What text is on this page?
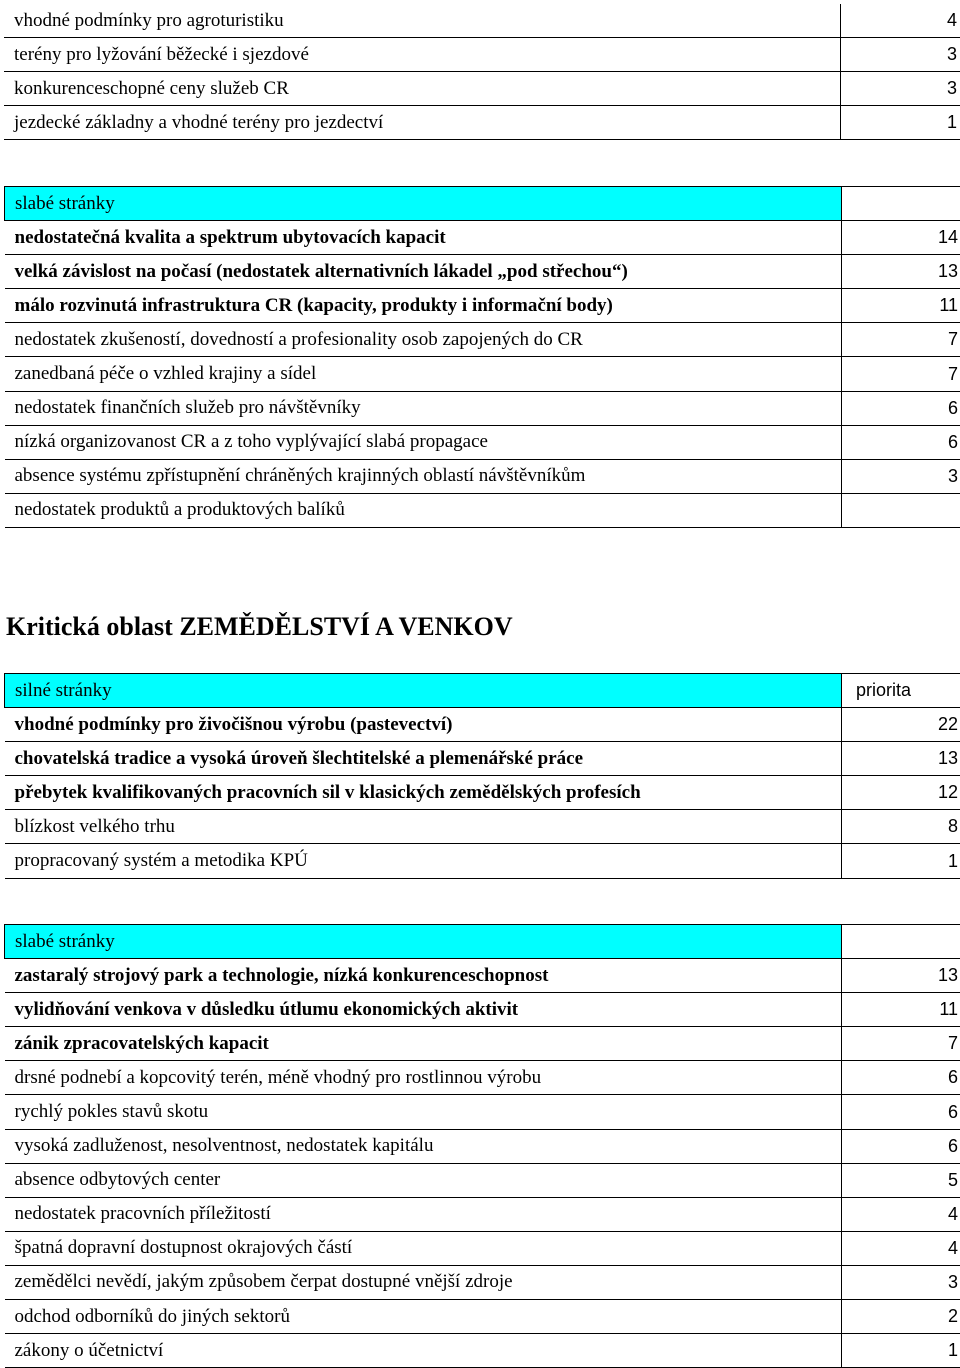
vhodné podmínky pro agroturistiku	4
terény pro lyžování běžecké i sjezdové	3
konkurenceschopné ceny služeb CR	3
jezdecké základny a vhodné terény pro jezdectví	1
slabé stránky	
nedostatečná kvalita a spektrum ubytovacích kapacit	14
velká závislost na počasí (nedostatek alternativních lákadel „pod střechou“)	13
málo rozvinutá infrastruktura CR (kapacity, produkty i informační body)	11
nedostatek zkušeností, dovedností a profesionality osob zapojených do CR	7
zanedbaná péče o vzhled krajiny a sídel	7
nedostatek finančních služeb pro návštěvníky	6
nízká organizovanost CR a z toho vyplývající slabá propagace	6
absence systému zpřístupnění chráněných krajinných oblastí návštěvníkům	3
nedostatek produktů a produktových balíků	
Kritická oblast ZEMĚDĚLSTVÍ A VENKOV
silné stránky	priorita
vhodné podmínky pro živočišnou výrobu (pastevectví)	22
chovatelská tradice a vysoká úroveň šlechtitelské a plemenářské práce	13
přebytek kvalifikovaných pracovních sil v klasických zemědělských profesích	12
blízkost velkého trhu	8
propracovaný systém a metodika KPÚ	1
slabé stránky	
zastaralý strojový park a technologie, nízká konkurenceschopnost	13
vylidňování venkova v důsledku útlumu ekonomických aktivit	11
zánik zpracovatelských kapacit	7
drsné podnebí a kopcovitý terén, méně vhodný pro rostlinnou výrobu	6
rychlý pokles stavů skotu	6
vysoká zadluženost, nesolventnost, nedostatek kapitálu	6
absence odbytových center	5
nedostatek pracovních příležitostí	4
špatná dopravní dostupnost okrajových částí	4
zemědělci nevědí, jakým způsobem čerpat dostupné vnější zdroje	3
odchod odborníků do jiných sektorů	2
zákony o účetnictví	1
